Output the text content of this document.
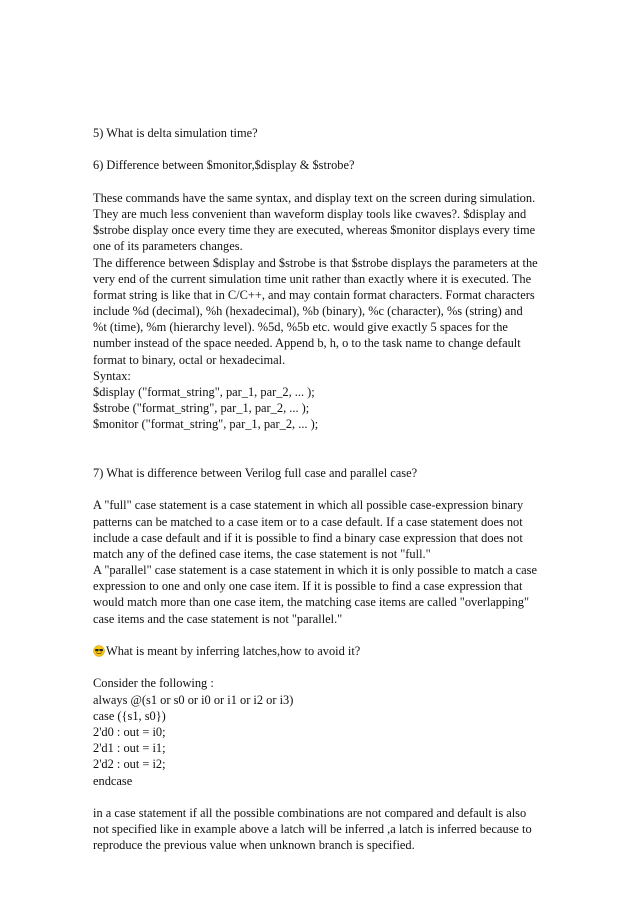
5) What is delta simulation time?
6) Difference between $monitor,$display & $strobe?
These commands have the same syntax, and display text on the screen during simulation.
They are much less convenient than waveform display tools like cwaves?. $display and
$strobe display once every time they are executed, whereas $monitor displays every time
one of its parameters changes.
The difference between $display and $strobe is that $strobe displays the parameters at the
very end of the current simulation time unit rather than exactly where it is executed. The
format string is like that in C/C++, and may contain format characters. Format characters
include %d (decimal), %h (hexadecimal), %b (binary), %c (character), %s (string) and
%t (time), %m (hierarchy level). %5d, %5b etc. would give exactly 5 spaces for the
number instead of the space needed. Append b, h, o to the task name to change default
format to binary, octal or hexadecimal.
Syntax:
$display ("format_string", par_1, par_2, ... );
$strobe ("format_string", par_1, par_2, ... );
$monitor ("format_string", par_1, par_2, ... );
7) What is difference between Verilog full case and parallel case?
A "full" case statement is a case statement in which all possible case-expression binary
patterns can be matched to a case item or to a case default. If a case statement does not
include a case default and if it is possible to find a binary case expression that does not
match any of the defined case items, the case statement is not "full."
A "parallel" case statement is a case statement in which it is only possible to match a case
expression to one and only one case item. If it is possible to find a case expression that
would match more than one case item, the matching case items are called "overlapping"
case items and the case statement is not "parallel."
What is meant by inferring latches,how to avoid it?
Consider the following :
always @(s1 or s0 or i0 or i1 or i2 or i3)
case ({s1, s0})
2'd0 : out = i0;
2'd1 : out = i1;
2'd2 : out = i2;
endcase
in a case statement if all the possible combinations are not compared and default is also
not specified like in example above a latch will be inferred ,a latch is inferred because to
reproduce the previous value when unknown branch is specified.
